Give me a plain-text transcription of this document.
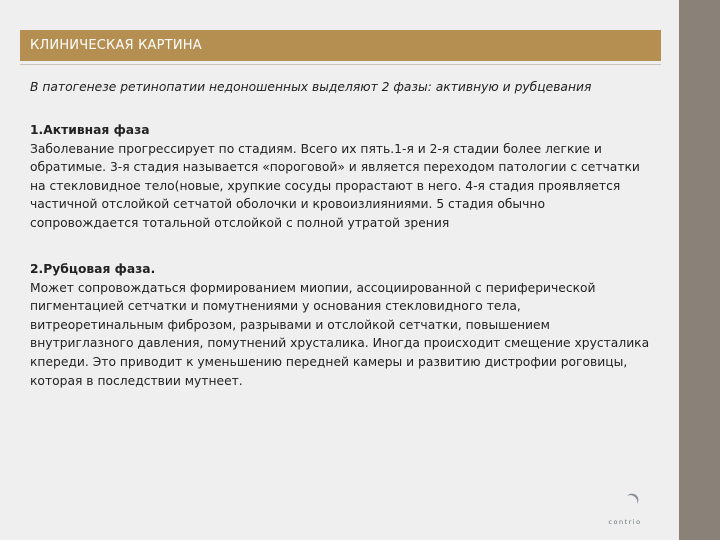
КЛИНИЧЕСКАЯ КАРТИНА
В патогенезе ретинопатии недоношенных выделяют 2 фазы: активную и рубцевания
1.Активная фаза
Заболевание прогрессирует по стадиям. Всего их пять.1-я и 2-я стадии более легкие и обратимые. 3-я стадия называется «пороговой» и является переходом патологии с сетчатки на стекловидное тело(новые, хрупкие сосуды прорастают в него. 4-я стадия проявляется частичной отслойкой сетчатой оболочки и кровоизлияниями. 5 стадия обычно сопровождается тотальной отслойкой с полной утратой зрения
2.Рубцовая фаза.
Может сопровождаться формированием миопии, ассоциированной с периферической пигментацией сетчатки и помутнениями у основания стекловидного тела, витреоретинальным фиброзом, разрывами и отслойкой сетчатки, повышением внутриглазного давления, помутнений хрусталика. Иногда происходит смещение хрусталика кпереди. Это приводит к уменьшению передней камеры и развитию дистрофии роговицы, которая в последствии мутнеет.
contrio
